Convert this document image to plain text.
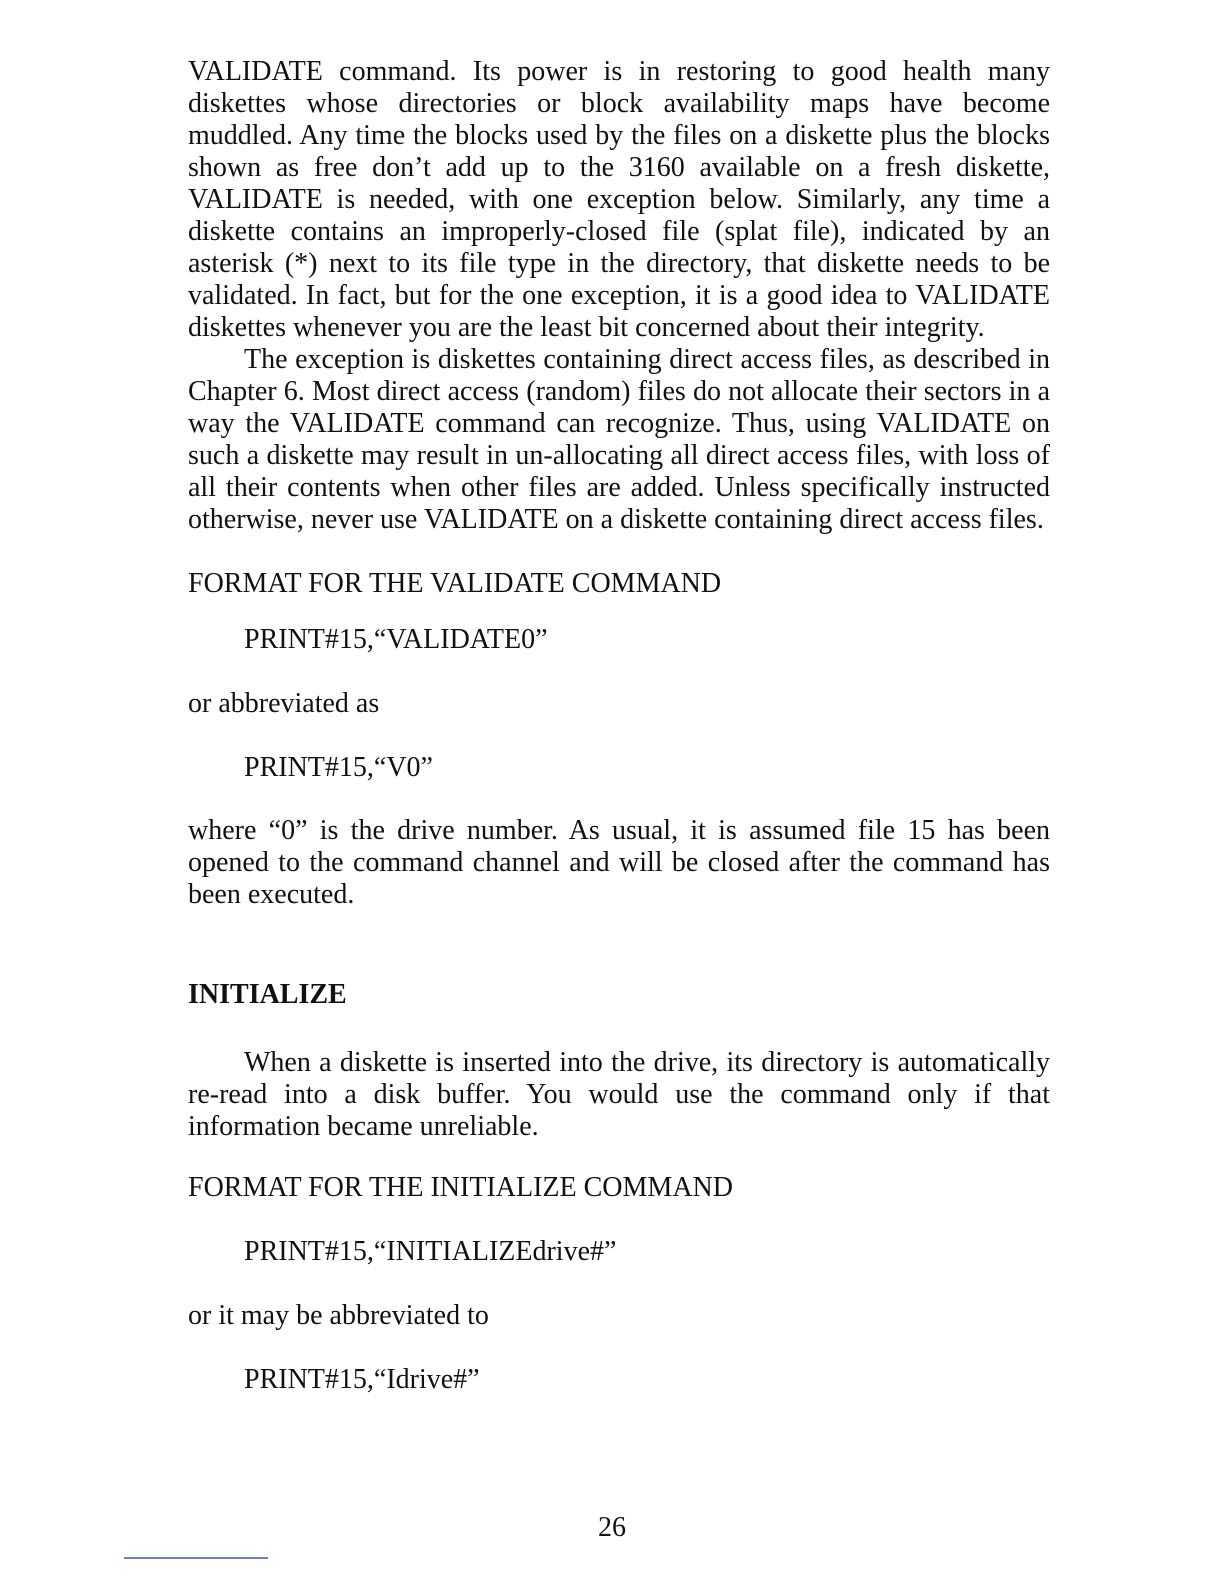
VALIDATE command. Its power is in restoring to good health many diskettes whose directories or block availability maps have become muddled. Any time the blocks used by the files on a diskette plus the blocks shown as free don’t add up to the 3160 available on a fresh diskette, VALIDATE is needed, with one exception below. Similarly, any time a diskette contains an improperly-closed file (splat file), indicated by an asterisk (*) next to its file type in the directory, that diskette needs to be validated. In fact, but for the one exception, it is a good idea to VALIDATE diskettes whenever you are the least bit concerned about their integrity.

The exception is diskettes containing direct access files, as described in Chapter 6. Most direct access (random) files do not allocate their sectors in a way the VALIDATE command can recognize. Thus, using VALIDATE on such a diskette may result in un-allocating all direct access files, with loss of all their contents when other files are added. Unless specifically instructed otherwise, never use VALIDATE on a diskette containing direct access files.

FORMAT FOR THE VALIDATE COMMAND

PRINT#15,“VALIDATE0”

or abbreviated as

PRINT#15,“V0”

where “0” is the drive number. As usual, it is assumed file 15 has been opened to the command channel and will be closed after the command has been executed.

INITIALIZE

When a diskette is inserted into the drive, its directory is automatically re-read into a disk buffer. You would use the command only if that information became unreliable.

FORMAT FOR THE INITIALIZE COMMAND

PRINT#15,“INITIALIZEdrive#”

or it may be abbreviated to

PRINT#15,“Idrive#”

26
